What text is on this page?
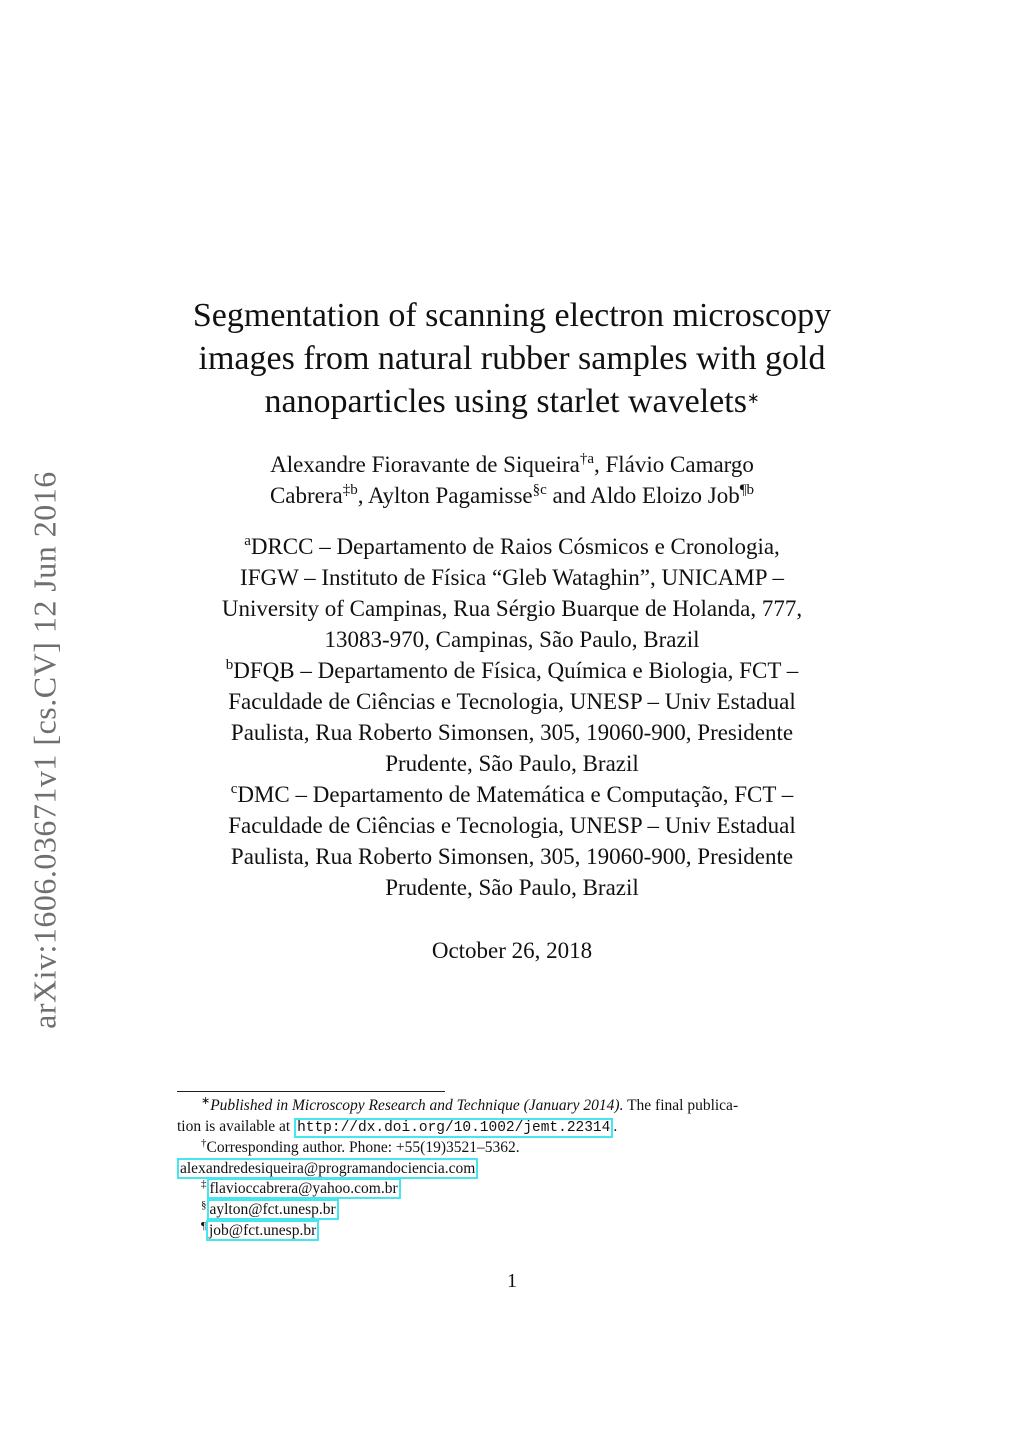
arXiv:1606.03671v1 [cs.CV] 12 Jun 2016
Segmentation of scanning electron microscopy
images from natural rubber samples with gold
nanoparticles using starlet wavelets∗
Alexandre Fioravante de Siqueira$^{\dagger a}$, Flávio Camargo
Cabrera$^{\ddagger b}$, Aylton Pagamisse$^{\S c}$ and Aldo Eloizo Job$^{\P b}$

$^a$DRCC – Departamento de Raios Cósmicos e Cronologia,

IFGW – Instituto de Física “Gleb Wataghin”, UNICAMP –

University of Campinas, Rua Sérgio Buarque de Holanda, 777,

13083-970, Campinas, São Paulo, Brazil

$^b$DFQB – Departamento de Física, Química e Biologia, FCT –

Faculdade de Ciências e Tecnologia, UNESP – Univ Estadual

Paulista, Rua Roberto Simonsen, 305, 19060-900, Presidente

Prudente, São Paulo, Brazil

$^c$DMC – Departamento de Matemática e Computação, FCT –

Faculdade de Ciências e Tecnologia, UNESP – Univ Estadual

Paulista, Rua Roberto Simonsen, 305, 19060-900, Presidente

Prudente, São Paulo, Brazil

October 26, 2018

∗Published in Microscopy Research and Technique (January 2014). The final publica-

tion is available at http://dx.doi.org/10.1002/jemt.22314 .

†Corresponding author. Phone: +55(19)3521–5362.

alexandredesiqueira@programandociencia.com

‡ flavioccabrera@yahoo.com.br

§ aylton@fct.unesp.br

¶ job@fct.unesp.br

1
